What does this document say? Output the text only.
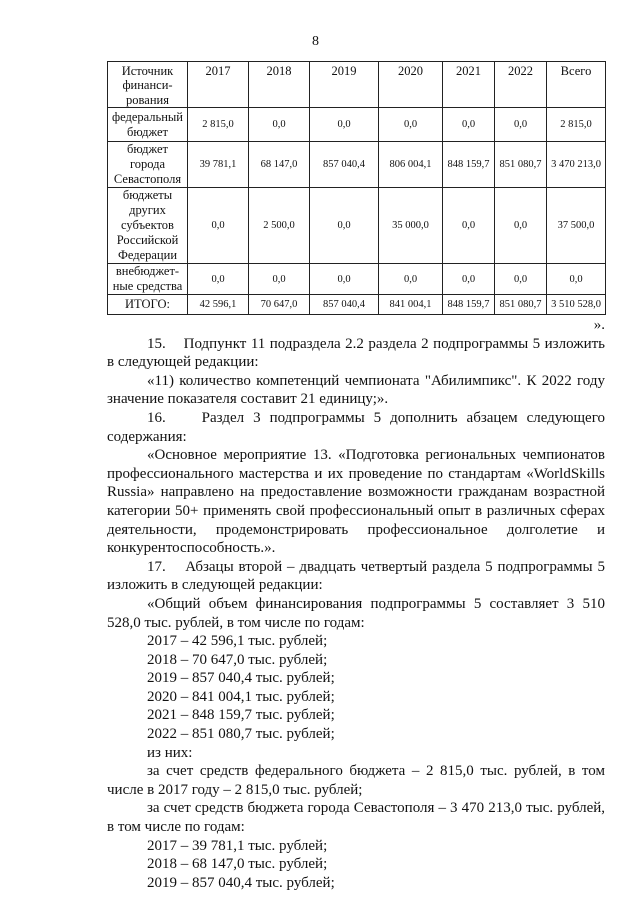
8
Источник финанси-рования	2017	2018	2019	2020	2021	2022	Всего
федеральный бюджет	2 815,0	0,0	0,0	0,0	0,0	0,0	2 815,0
бюджет города Севастополя	39 781,1	68 147,0	857 040,4	806 004,1	848 159,7	851 080,7	3 470 213,0
бюджеты других субъектов Российской Федерации	0,0	2 500,0	0,0	35 000,0	0,0	0,0	37 500,0
внебюджет-ные средства	0,0	0,0	0,0	0,0	0,0	0,0	0,0
ИТОГО:	42 596,1	70 647,0	857 040,4	841 004,1	848 159,7	851 080,7	3 510 528,0

».

15.    Подпункт 11 подраздела 2.2 раздела 2 подпрограммы 5 изложить в следующей редакции:

«11) количество компетенций чемпионата "Абилимпикс". К 2022 году значение показателя составит 21 единицу;».

16.    Раздел 3 подпрограммы 5 дополнить абзацем следующего содержания:

«Основное мероприятие 13. «Подготовка региональных чемпионатов профессионального мастерства и их проведение по стандартам «WorldSkills Russia» направлено на предоставление возможности гражданам возрастной категории 50+ применять свой профессиональный опыт в различных сферах деятельности, продемонстрировать профессиональное долголетие и конкурентоспособность.».

17.    Абзацы второй – двадцать четвертый раздела 5 подпрограммы 5 изложить в следующей редакции:

«Общий объем финансирования подпрограммы 5 составляет 3 510 528,0 тыс. рублей, в том числе по годам:

2017 – 42 596,1 тыс. рублей;

2018 – 70 647,0 тыс. рублей;

2019 – 857 040,4 тыс. рублей;

2020 – 841 004,1 тыс. рублей;

2021 – 848 159,7 тыс. рублей;

2022 – 851 080,7 тыс. рублей;

из них:

за счет средств федерального бюджета – 2 815,0 тыс. рублей, в том числе в 2017 году – 2 815,0 тыс. рублей;

за счет средств бюджета города Севастополя – 3 470 213,0 тыс. рублей, в том числе по годам:

2017 – 39 781,1 тыс. рублей;

2018 – 68 147,0 тыс. рублей;

2019 – 857 040,4 тыс. рублей;
